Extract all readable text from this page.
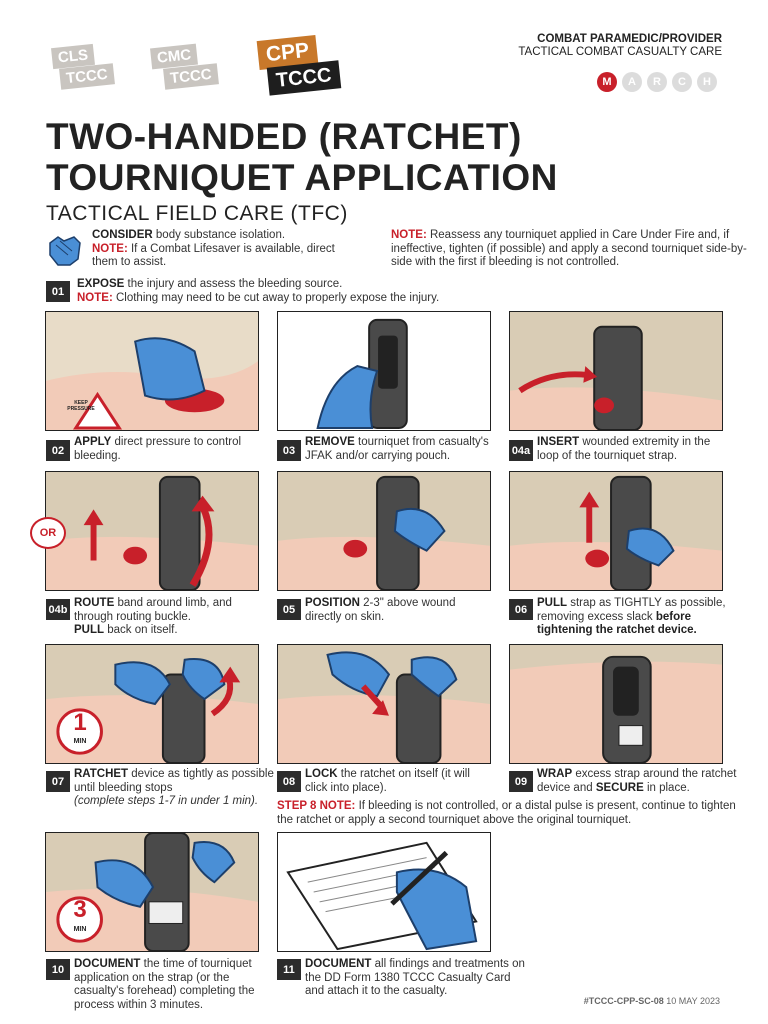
CLS
TCCC
CMC
TCCC
CPP
TCCC
COMBAT PARAMEDIC/PROVIDER
TACTICAL COMBAT CASUALTY CARE
M	A	R	C	H
TWO-HANDED (RATCHET)
TOURNIQUET APPLICATION
TACTICAL FIELD CARE (TFC)
CONSIDER body substance isolation.
NOTE: If a Combat Lifesaver is available, direct them to assist.
NOTE: Reassess any tourniquet applied in Care Under Fire and, if ineffective, tighten (if possible) and apply a second tourniquet side-by-side with the first if bleeding is not controlled.
01
EXPOSE the injury and assess the bleeding source.
NOTE: Clothing may need to be cut away to properly expose the injury.
KEEP PRESSURE
02
APPLY direct pressure to control bleeding.	03
REMOVE tourniquet from casualty's JFAK and/or carrying pouch.	04a
INSERT wounded extremity in the loop of the tourniquet strap.
OR
04b
ROUTE band around limb, and through routing buckle.
PULL back on itself.
05
POSITION 2-3" above wound directly on skin.
06
PULL strap as TIGHTLY as possible, removing excess slack before tightening the ratchet device.
1
MIN
07
RATCHET device as tightly as possible until bleeding stops
(complete steps 1-7 in under 1 min).
08
LOCK the ratchet on itself (it will click into place).	09
WRAP excess strap around the ratchet device and SECURE in place.
STEP 8 NOTE: If bleeding is not controlled, or a distal pulse is present, continue to tighten the ratchet or apply a second tourniquet above the original tourniquet.
3
MIN
10 DOCUMENT the time of tourniquet application on the strap (or the casualty's forehead) completing the process within 3 minutes.
11 DOCUMENT all findings and treatments on the DD Form 1380 TCCC Casualty Card and attach it to the casualty.
#TCCC-CPP-SC-08 10 MAY 2023
